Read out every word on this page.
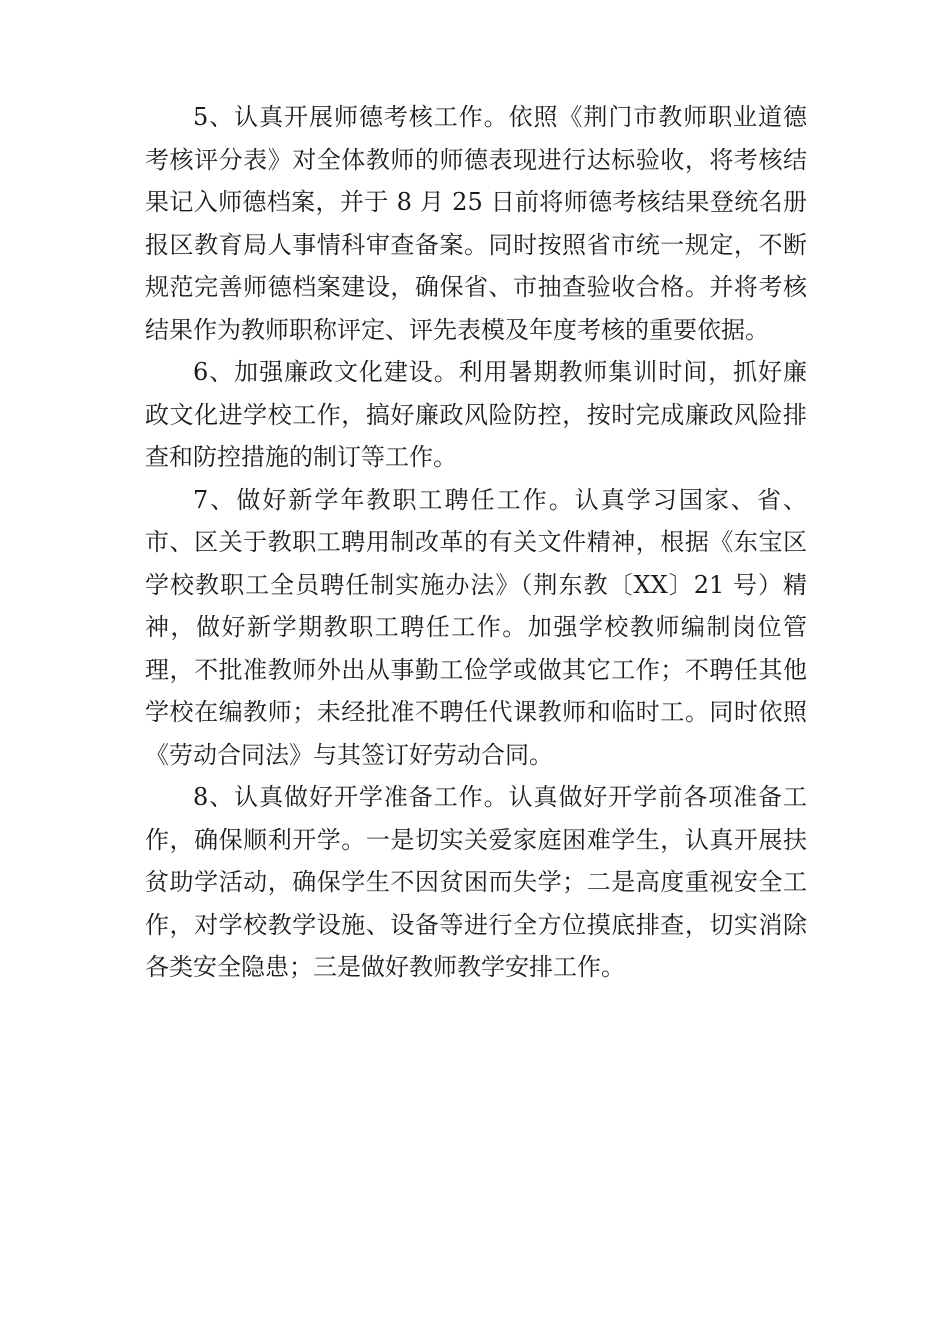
5、认真开展师德考核工作。依照《荆门市教师职业道德考核评分表》对全体教师的师德表现进行达标验收，将考核结果记入师德档案，并于 8 月 25 日前将师德考核结果登统名册报区教育局人事情科审查备案。同时按照省市统一规定，不断规范完善师德档案建设，确保省、市抽查验收合格。并将考核结果作为教师职称评定、评先表模及年度考核的重要依据。

6、加强廉政文化建设。利用暑期教师集训时间，抓好廉政文化进学校工作，搞好廉政风险防控，按时完成廉政风险排查和防控措施的制订等工作。

7、做好新学年教职工聘任工作。认真学习国家、省、市、区关于教职工聘用制改革的有关文件精神，根据《东宝区学校教职工全员聘任制实施办法》（荆东教〔XX〕21 号）精神，做好新学期教职工聘任工作。加强学校教师编制岗位管理，不批准教师外出从事勤工俭学或做其它工作；不聘任其他学校在编教师；未经批准不聘任代课教师和临时工。同时依照《劳动合同法》与其签订好劳动合同。

8、认真做好开学准备工作。认真做好开学前各项准备工作，确保顺利开学。一是切实关爱家庭困难学生，认真开展扶贫助学活动，确保学生不因贫困而失学；二是高度重视安全工作，对学校教学设施、设备等进行全方位摸底排查，切实消除各类安全隐患；三是做好教师教学安排工作。
